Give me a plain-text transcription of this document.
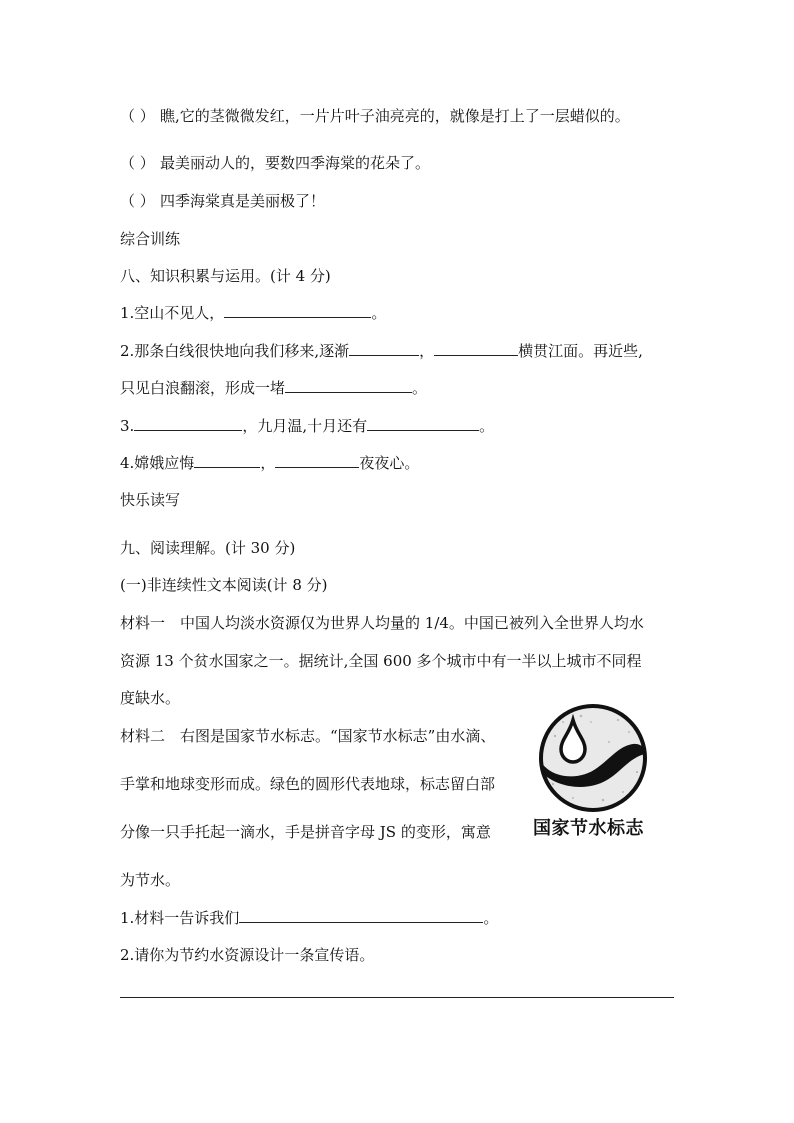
（ ） 瞧,它的茎微微发红，一片片叶子油亮亮的，就像是打上了一层蜡似的。
（ ） 最美丽动人的，要数四季海棠的花朵了。
（ ） 四季海棠真是美丽极了！
综合训练
八、知识积累与运用。(计 4 分)
1.空山不见人，	。
2.那条白线很快地向我们移来,逐渐	，	横贯江面。再近些,
只见白浪翻滚，形成一堵	。
3.	，九月温,十月还有	。
4.嫦娥应悔	，	夜夜心。
快乐读写
九、阅读理解。(计 30 分)
(一)非连续性文本阅读(计 8 分)
材料一　中国人均淡水资源仅为世界人均量的 1/4。中国已被列入全世界人均水
资源 13 个贫水国家之一。据统计,全国 600 多个城市中有一半以上城市不同程
度缺水。
材料二　右图是国家节水标志。“国家节水标志”由水滴、
手掌和地球变形而成。绿色的圆形代表地球，标志留白部
分像一只手托起一滴水，手是拼音字母 JS 的变形，寓意
为节水。
国家节水标志
1.材料一告诉我们	。
2.请你为节约水资源设计一条宣传语。
